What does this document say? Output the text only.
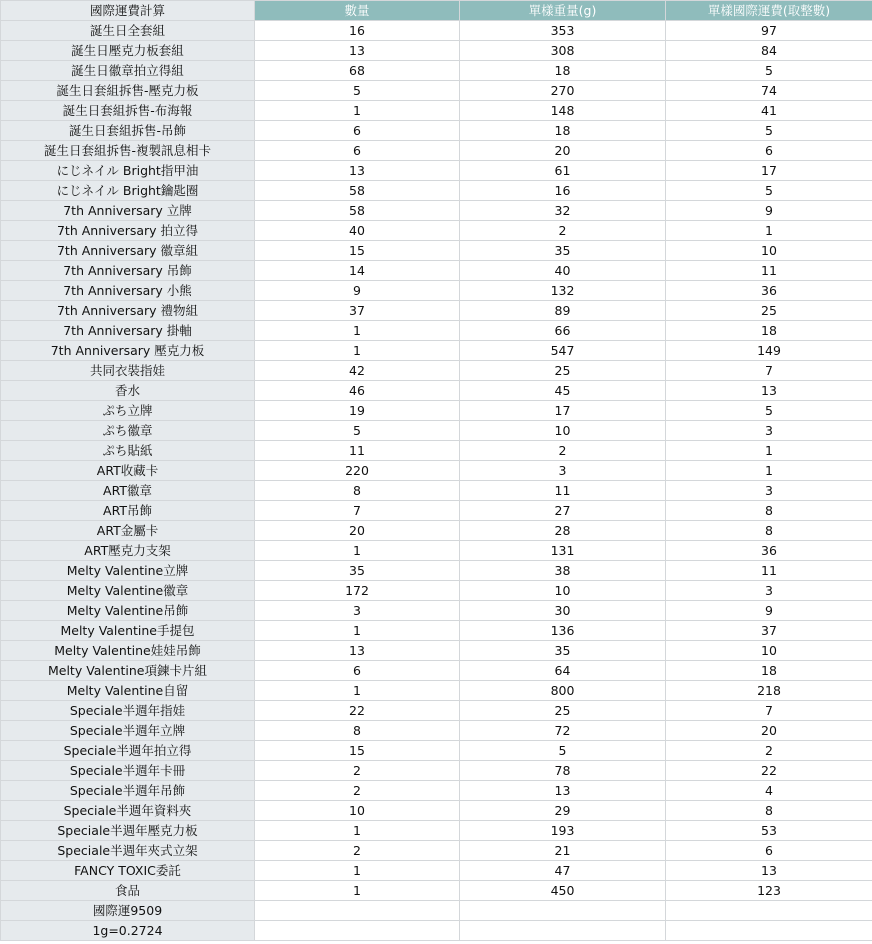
國際運費計算	數量	單樣重量(g)	單樣國際運費(取整數)
誕生日全套組	16	353	97
誕生日壓克力板套組	13	308	84
誕生日徽章拍立得組	68	18	5
誕生日套組拆售-壓克力板	5	270	74
誕生日套組拆售-布海報	1	148	41
誕生日套組拆售-吊飾	6	18	5
誕生日套組拆售-複製訊息相卡	6	20	6
にじネイル Bright指甲油	13	61	17
にじネイル Bright鑰匙圈	58	16	5
7th Anniversary 立牌	58	32	9
7th Anniversary 拍立得	40	2	1
7th Anniversary 徽章組	15	35	10
7th Anniversary 吊飾	14	40	11
7th Anniversary 小熊	9	132	36
7th Anniversary 禮物組	37	89	25
7th Anniversary 掛軸	1	66	18
7th Anniversary 壓克力板	1	547	149
共同衣裝指娃	42	25	7
香水	46	45	13
ぷち立牌	19	17	5
ぷち徽章	5	10	3
ぷち貼紙	11	2	1
ART收藏卡	220	3	1
ART徽章	8	11	3
ART吊飾	7	27	8
ART金屬卡	20	28	8
ART壓克力支架	1	131	36
Melty Valentine立牌	35	38	11
Melty Valentine徽章	172	10	3
Melty Valentine吊飾	3	30	9
Melty Valentine手提包	1	136	37
Melty Valentine娃娃吊飾	13	35	10
Melty Valentine項鍊卡片組	6	64	18
Melty Valentine自留	1	800	218
Speciale半週年指娃	22	25	7
Speciale半週年立牌	8	72	20
Speciale半週年拍立得	15	5	2
Speciale半週年卡冊	2	78	22
Speciale半週年吊飾	2	13	4
Speciale半週年資料夾	10	29	8
Speciale半週年壓克力板	1	193	53
Speciale半週年夾式立架	2	21	6
FANCY TOXIC委託	1	47	13
食品	1	450	123
國際運9509			
1g=0.2724			
